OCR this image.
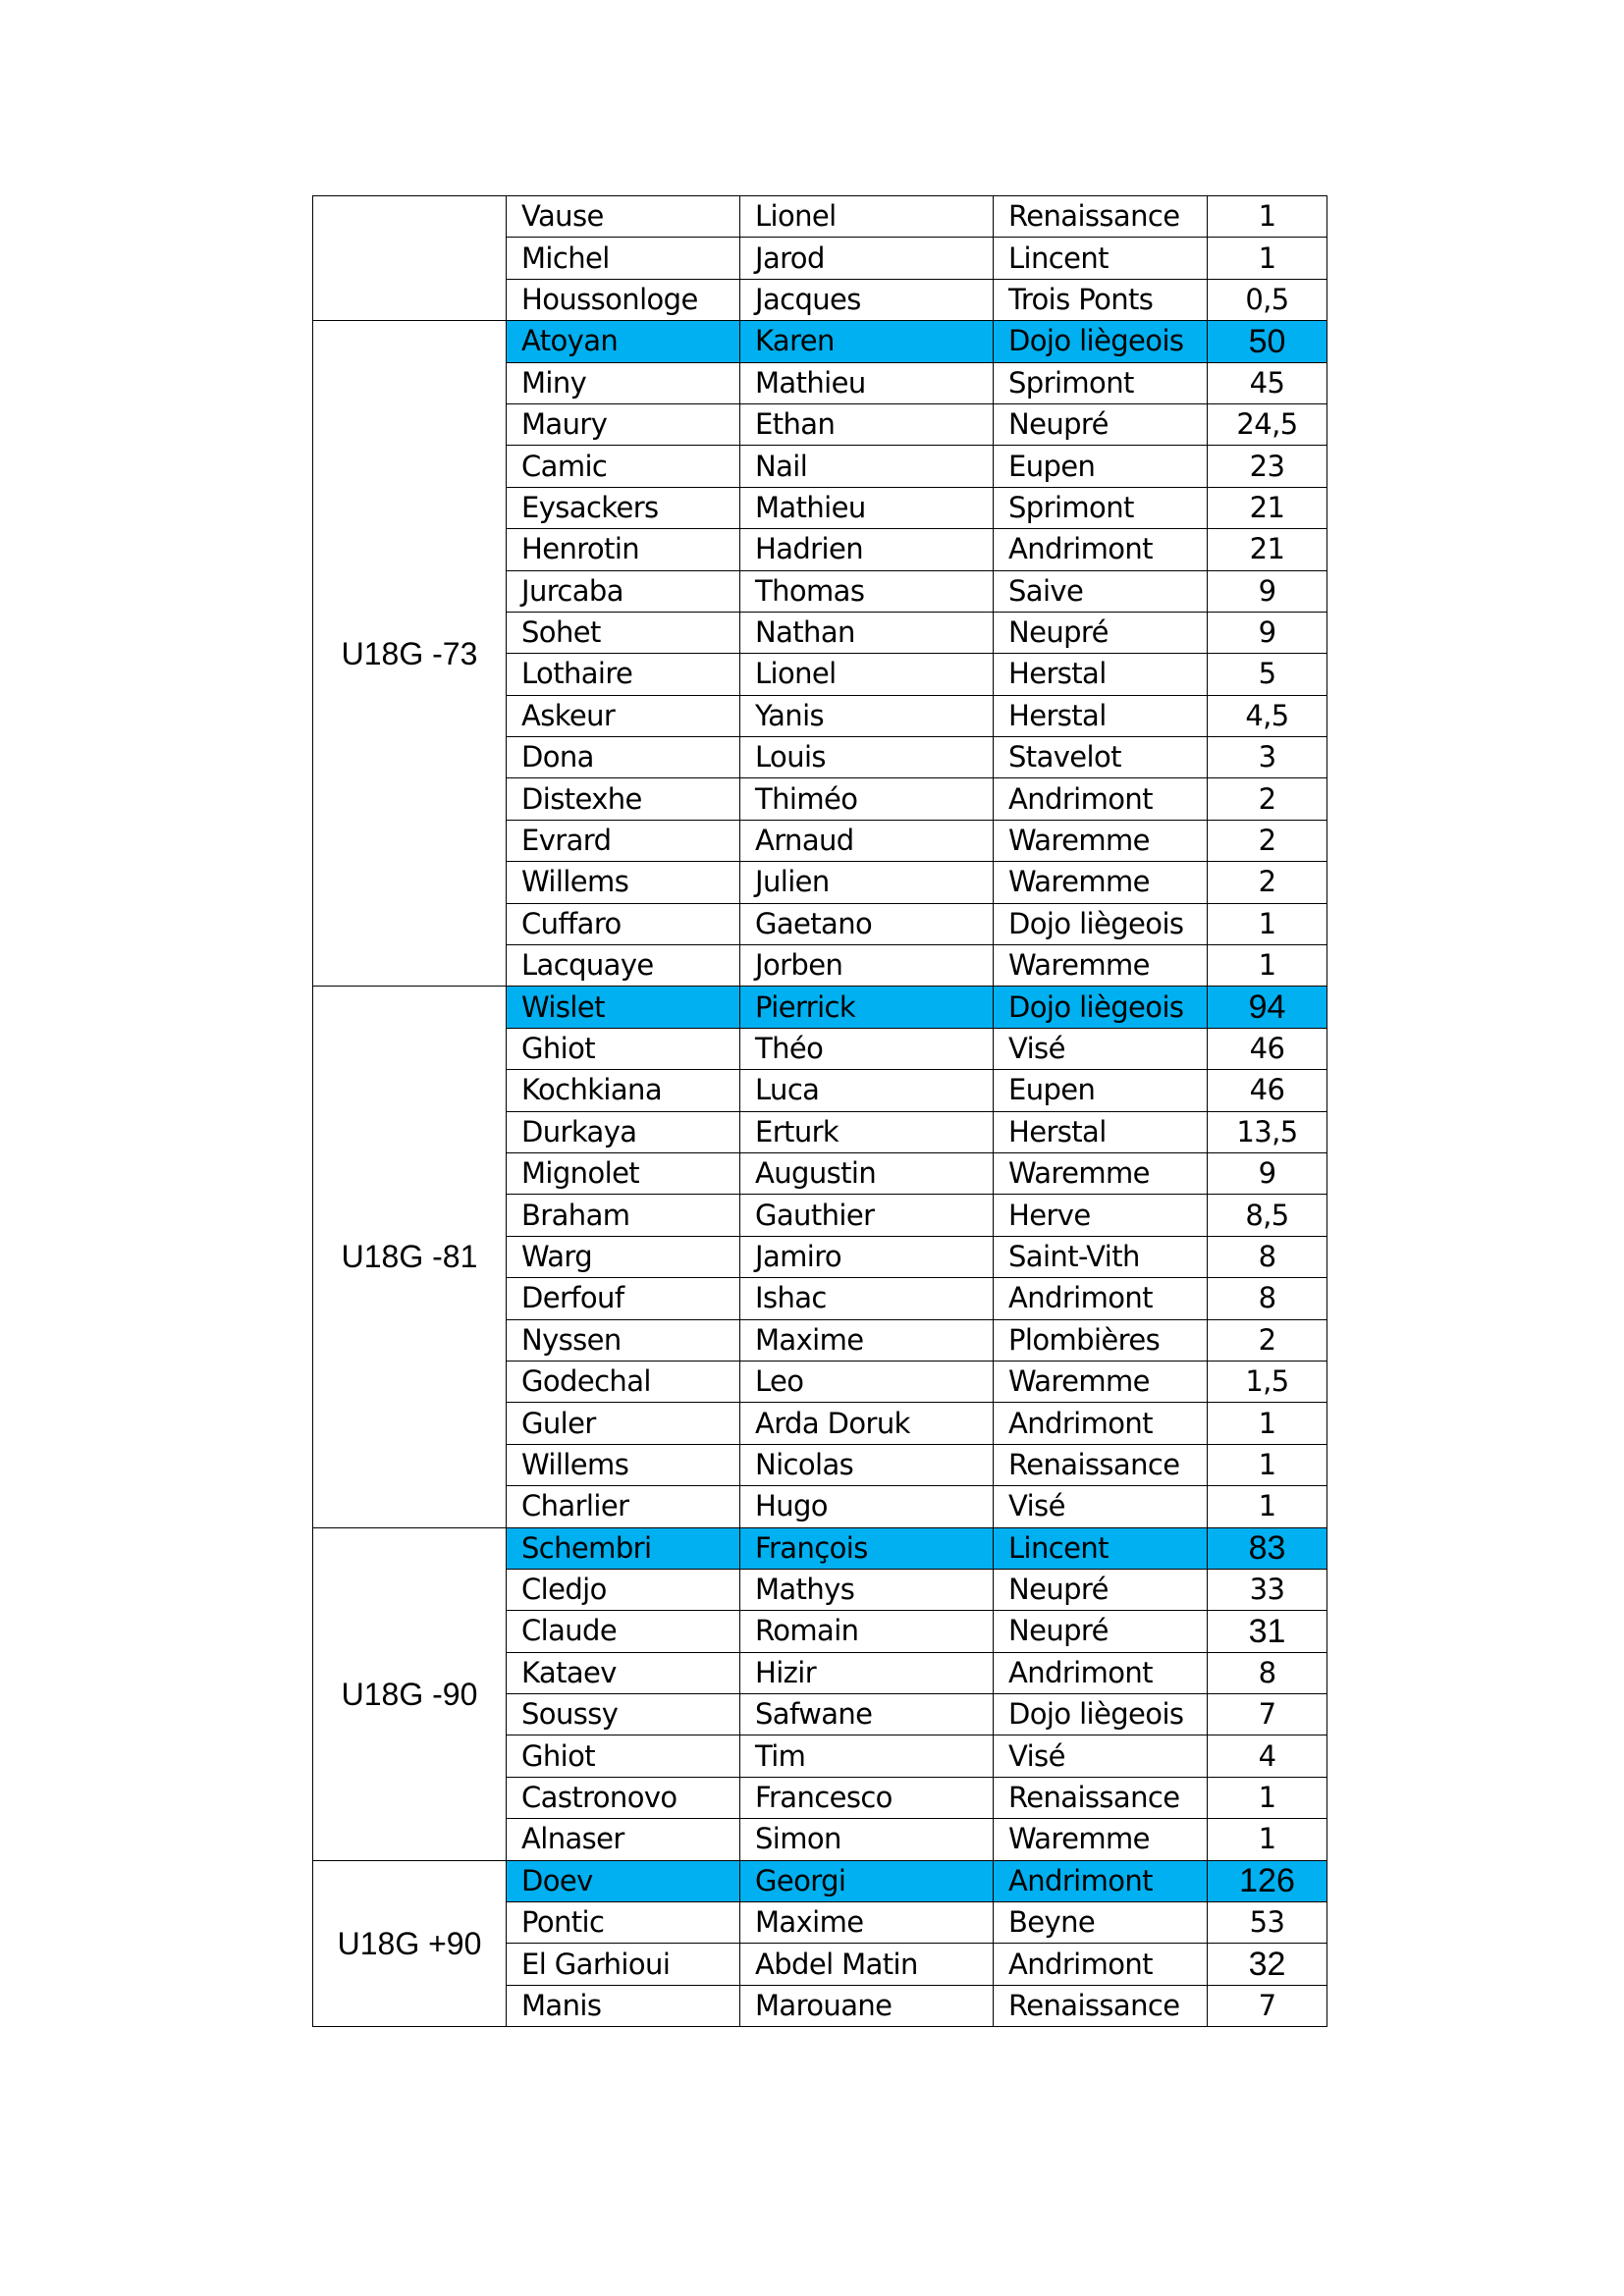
	Vause	Lionel	Renaissance	1
	Michel	Jarod	Lincent	1
	Houssonloge	Jacques	Trois Ponts	0,5
U18G -73	Atoyan	Karen	Dojo liègeois	50
	Miny	Mathieu	Sprimont	45
	Maury	Ethan	Neupré	24,5
	Camic	Nail	Eupen	23
	Eysackers	Mathieu	Sprimont	21
	Henrotin	Hadrien	Andrimont	21
	Jurcaba	Thomas	Saive	9
	Sohet	Nathan	Neupré	9
	Lothaire	Lionel	Herstal	5
	Askeur	Yanis	Herstal	4,5
	Dona	Louis	Stavelot	3
	Distexhe	Thiméo	Andrimont	2
	Evrard	Arnaud	Waremme	2
	Willems	Julien	Waremme	2
	Cuffaro	Gaetano	Dojo liègeois	1
	Lacquaye	Jorben	Waremme	1
U18G -81	Wislet	Pierrick	Dojo liègeois	94
	Ghiot	Théo	Visé	46
	Kochkiana	Luca	Eupen	46
	Durkaya	Erturk	Herstal	13,5
	Mignolet	Augustin	Waremme	9
	Braham	Gauthier	Herve	8,5
	Warg	Jamiro	Saint-Vith	8
	Derfouf	Ishac	Andrimont	8
	Nyssen	Maxime	Plombières	2
	Godechal	Leo	Waremme	1,5
	Guler	Arda Doruk	Andrimont	1
	Willems	Nicolas	Renaissance	1
	Charlier	Hugo	Visé	1
U18G -90	Schembri	François	Lincent	83
	Cledjo	Mathys	Neupré	33
	Claude	Romain	Neupré	31
	Kataev	Hizir	Andrimont	8
	Soussy	Safwane	Dojo liègeois	7
	Ghiot	Tim	Visé	4
	Castronovo	Francesco	Renaissance	1
	Alnaser	Simon	Waremme	1
U18G +90	Doev	Georgi	Andrimont	126
	Pontic	Maxime	Beyne	53
	El Garhioui	Abdel Matin	Andrimont	32
	Manis	Marouane	Renaissance	7
